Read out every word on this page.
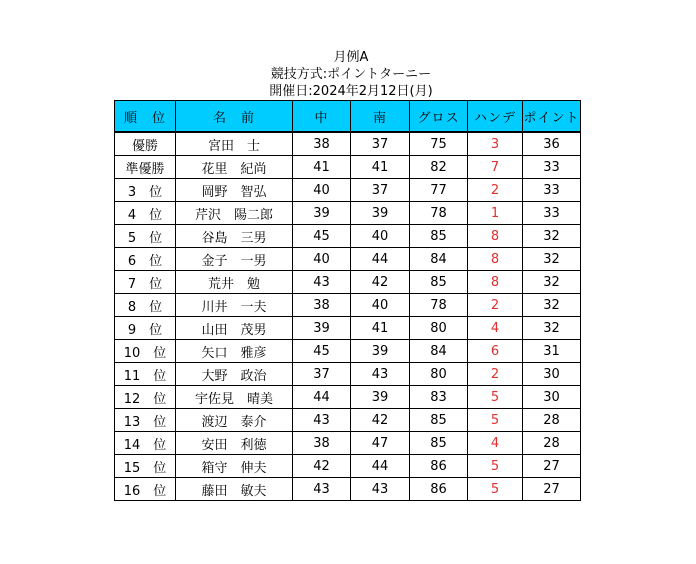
月例A
競技方式:ポイントターニー
開催日:2024年2月12日(月)
順　位	名　前	中	南	グロス	ハンデ	ポイント
優勝	宮田　士	38	37	75	3	36
準優勝	花里　紀尚	41	41	82	7	33
3　位	岡野　智弘	40	37	77	2	33
4　位	芹沢　陽二郎	39	39	78	1	33
5　位	谷島　三男	45	40	85	8	32
6　位	金子　一男	40	44	84	8	32
7　位	荒井　勉	43	42	85	8	32
8　位	川井　一夫	38	40	78	2	32
9　位	山田　茂男	39	41	80	4	32
10　位	矢口　雅彦	45	39	84	6	31
11　位	大野　政治	37	43	80	2	30
12　位	宇佐見　晴美	44	39	83	5	30
13　位	渡辺　泰介	43	42	85	5	28
14　位	安田　利徳	38	47	85	4	28
15　位	箱守　伸夫	42	44	86	5	27
16　位	藤田　敏夫	43	43	86	5	27
